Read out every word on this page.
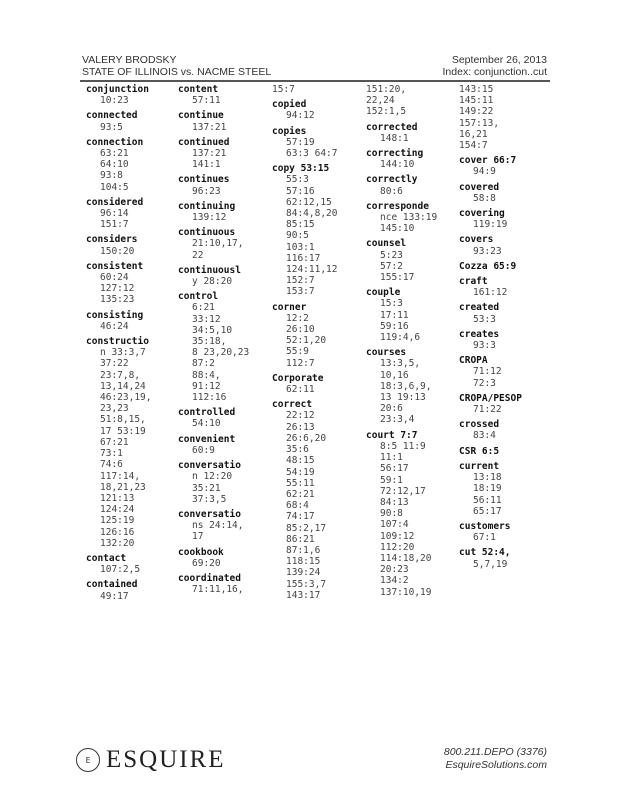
VALERY BRODSKY
STATE OF ILLINOIS vs. NACME STEEL
September 26, 2013
Index: conjunction..cut
conjunction
10:23
connected
93:5
connection
63:21
64:10
93:8
104:5
considered
96:14
151:7
considers
150:20
consistent
60:24
127:12
135:23
consisting
46:24
constructio
n 33:3,7
37:22
23:7,8,
13,14,24
46:23,19,
23,23
51:8,15,
17 53:19
67:21
73:1
74:6
117:14,
18,21,23
121:13
124:24
125:19
126:16
132:20
contact
107:2,5
contained
49:17
content
57:11
continue
137:21
continued
137:21
141:1
continues
96:23
continuing
139:12
continuous
21:10,17,
22
continuousl
y 28:20
control
6:21
33:12
34:5,10
35:18,
8 23,20,23
87:2
88:4,
91:12
112:16
controlled
54:10
convenient
60:9
conversatio
n 12:20
35:21
37:3,5
conversatio
ns 24:14,
17
cookbook
69:20
coordinated
71:11,16,
15:7
copied
94:12
copies
57:19
63:3 64:7
copy 53:15
55:3
57:16
62:12,15
84:4,8,20
85:15
90:5
103:1
116:17
124:11,12
152:7
153:7
corner
12:2
26:10
52:1,20
55:9
112:7
Corporate
62:11
correct
22:12
26:13
26:6,20
35:6
48:15
54:19
55:11
62:21
68:4
74:17
85:2,17
86:21
87:1,6
118:15
139:24
155:3,7
143:17
151:20,
22,24
152:1,5
corrected
148:1
correcting
144:10
correctly
80:6
corresponde
nce 133:19
145:10
counsel
5:23
57:2
155:17
couple
15:3
17:11
59:16
119:4,6
courses
13:3,5,
10,16
18:3,6,9,
13 19:13
20:6
23:3,4
court 7:7
8:5 11:9
11:1
56:17
59:1
72:12,17
84:13
90:8
107:4
109:12
112:20
114:18,20
20:23
134:2
137:10,19
143:15
145:11
149:22
157:13,
16,21
154:7
cover 66:7
94:9
covered
58:8
covering
119:19
covers
93:23
Cozza 65:9
craft
161:12
created
53:3
creates
93:3
CROPA
71:12
72:3
CROPA/PESOP
71:22
crossed
83:4
CSR 6:5
current
13:18
18:19
56:11
65:17
customers
67:1
cut 52:4,
5,7,19
E ESQUIRE	800.211.DEPO (3376)
EsquireSolutions.com
